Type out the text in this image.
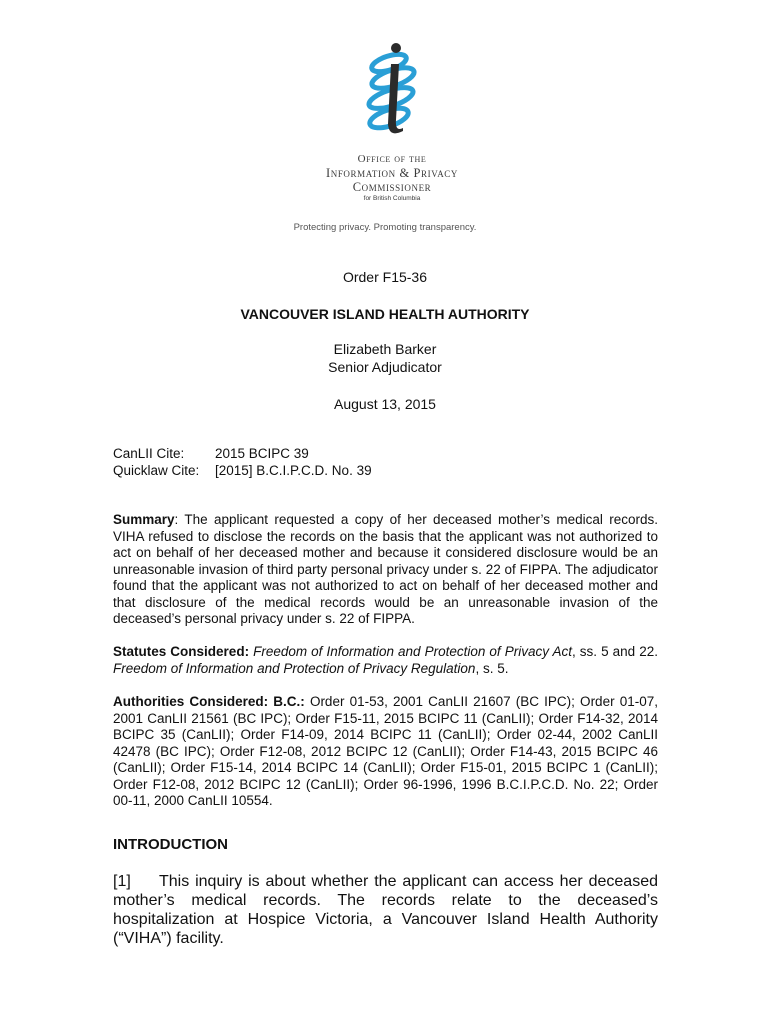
Office of the
Information & Privacy
Commissioner
for British Columbia
Protecting privacy. Promoting transparency.
Order F15-36
VANCOUVER ISLAND HEALTH AUTHORITY
Elizabeth Barker
Senior Adjudicator
August 13, 2015
CanLII Cite: 2015 BCIPC 39
Quicklaw Cite: [2015] B.C.I.P.C.D. No. 39
Summary: The applicant requested a copy of her deceased mother’s medical records. VIHA refused to disclose the records on the basis that the applicant was not authorized to act on behalf of her deceased mother and because it considered disclosure would be an unreasonable invasion of third party personal privacy under s. 22 of FIPPA. The adjudicator found that the applicant was not authorized to act on behalf of her deceased mother and that disclosure of the medical records would be an unreasonable invasion of the deceased’s personal privacy under s. 22 of FIPPA.
Statutes Considered: Freedom of Information and Protection of Privacy Act, ss. 5 and 22. Freedom of Information and Protection of Privacy Regulation, s. 5.
Authorities Considered: B.C.: Order 01-53, 2001 CanLII 21607 (BC IPC); Order 01-07, 2001 CanLII 21561 (BC IPC); Order F15-11, 2015 BCIPC 11 (CanLII); Order F14-32, 2014 BCIPC 35 (CanLII); Order F14-09, 2014 BCIPC 11 (CanLII); Order 02-44, 2002 CanLII 42478 (BC IPC); Order F12-08, 2012 BCIPC 12 (CanLII); Order F14-43, 2015 BCIPC 46 (CanLII); Order F15-14, 2014 BCIPC 14 (CanLII); Order F15-01, 2015 BCIPC 1 (CanLII); Order F12-08, 2012 BCIPC 12 (CanLII); Order 96-1996, 1996 B.C.I.P.C.D. No. 22; Order 00-11, 2000 CanLII 10554.
INTRODUCTION
[1] This inquiry is about whether the applicant can access her deceased mother’s medical records. The records relate to the deceased’s hospitalization at Hospice Victoria, a Vancouver Island Health Authority (“VIHA”) facility.
